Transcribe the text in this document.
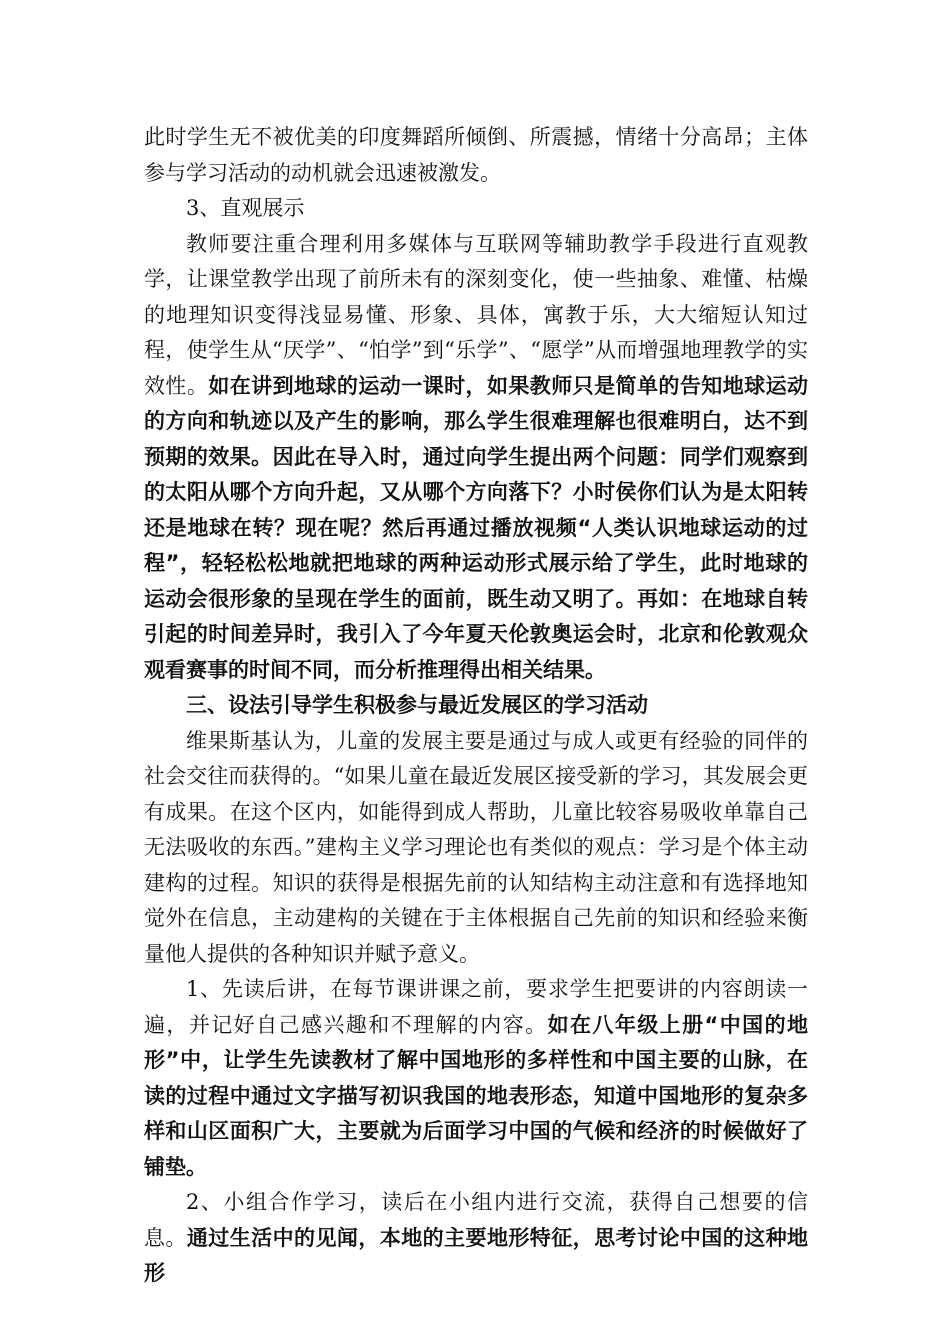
此时学生无不被优美的印度舞蹈所倾倒、所震撼，情绪十分高昂；主体参与学习活动的动机就会迅速被激发。

3、直观展示

教师要注重合理利用多媒体与互联网等辅助教学手段进行直观教学，让课堂教学出现了前所未有的深刻变化，使一些抽象、难懂、枯燥的地理知识变得浅显易懂、形象、具体，寓教于乐，大大缩短认知过程，使学生从“厌学”、“怕学”到“乐学”、“愿学”从而增强地理教学的实效性。如在讲到地球的运动一课时，如果教师只是简单的告知地球运动的方向和轨迹以及产生的影响，那么学生很难理解也很难明白，达不到预期的效果。因此在导入时，通过向学生提出两个问题：同学们观察到的太阳从哪个方向升起，又从哪个方向落下？小时侯你们认为是太阳转还是地球在转？现在呢？然后再通过播放视频“人类认识地球运动的过程”，轻轻松松地就把地球的两种运动形式展示给了学生，此时地球的运动会很形象的呈现在学生的面前，既生动又明了。再如：在地球自转引起的时间差异时，我引入了今年夏天伦敦奥运会时，北京和伦敦观众观看赛事的时间不同，而分析推理得出相关结果。

三、设法引导学生积极参与最近发展区的学习活动

维果斯基认为，儿童的发展主要是通过与成人或更有经验的同伴的社会交往而获得的。“如果儿童在最近发展区接受新的学习，其发展会更有成果。在这个区内，如能得到成人帮助，儿童比较容易吸收单靠自己无法吸收的东西。”建构主义学习理论也有类似的观点：学习是个体主动建构的过程。知识的获得是根据先前的认知结构主动注意和有选择地知觉外在信息，主动建构的关键在于主体根据自己先前的知识和经验来衡量他人提供的各种知识并赋予意义。

1、先读后讲，在每节课讲课之前，要求学生把要讲的内容朗读一遍，并记好自己感兴趣和不理解的内容。如在八年级上册“中国的地形”中，让学生先读教材了解中国地形的多样性和中国主要的山脉，在读的过程中通过文字描写初识我国的地表形态，知道中国地形的复杂多样和山区面积广大，主要就为后面学习中国的气候和经济的时候做好了铺垫。

2、小组合作学习，读后在小组内进行交流，获得自己想要的信息。通过生活中的见闻，本地的主要地形特征，思考讨论中国的这种地形
